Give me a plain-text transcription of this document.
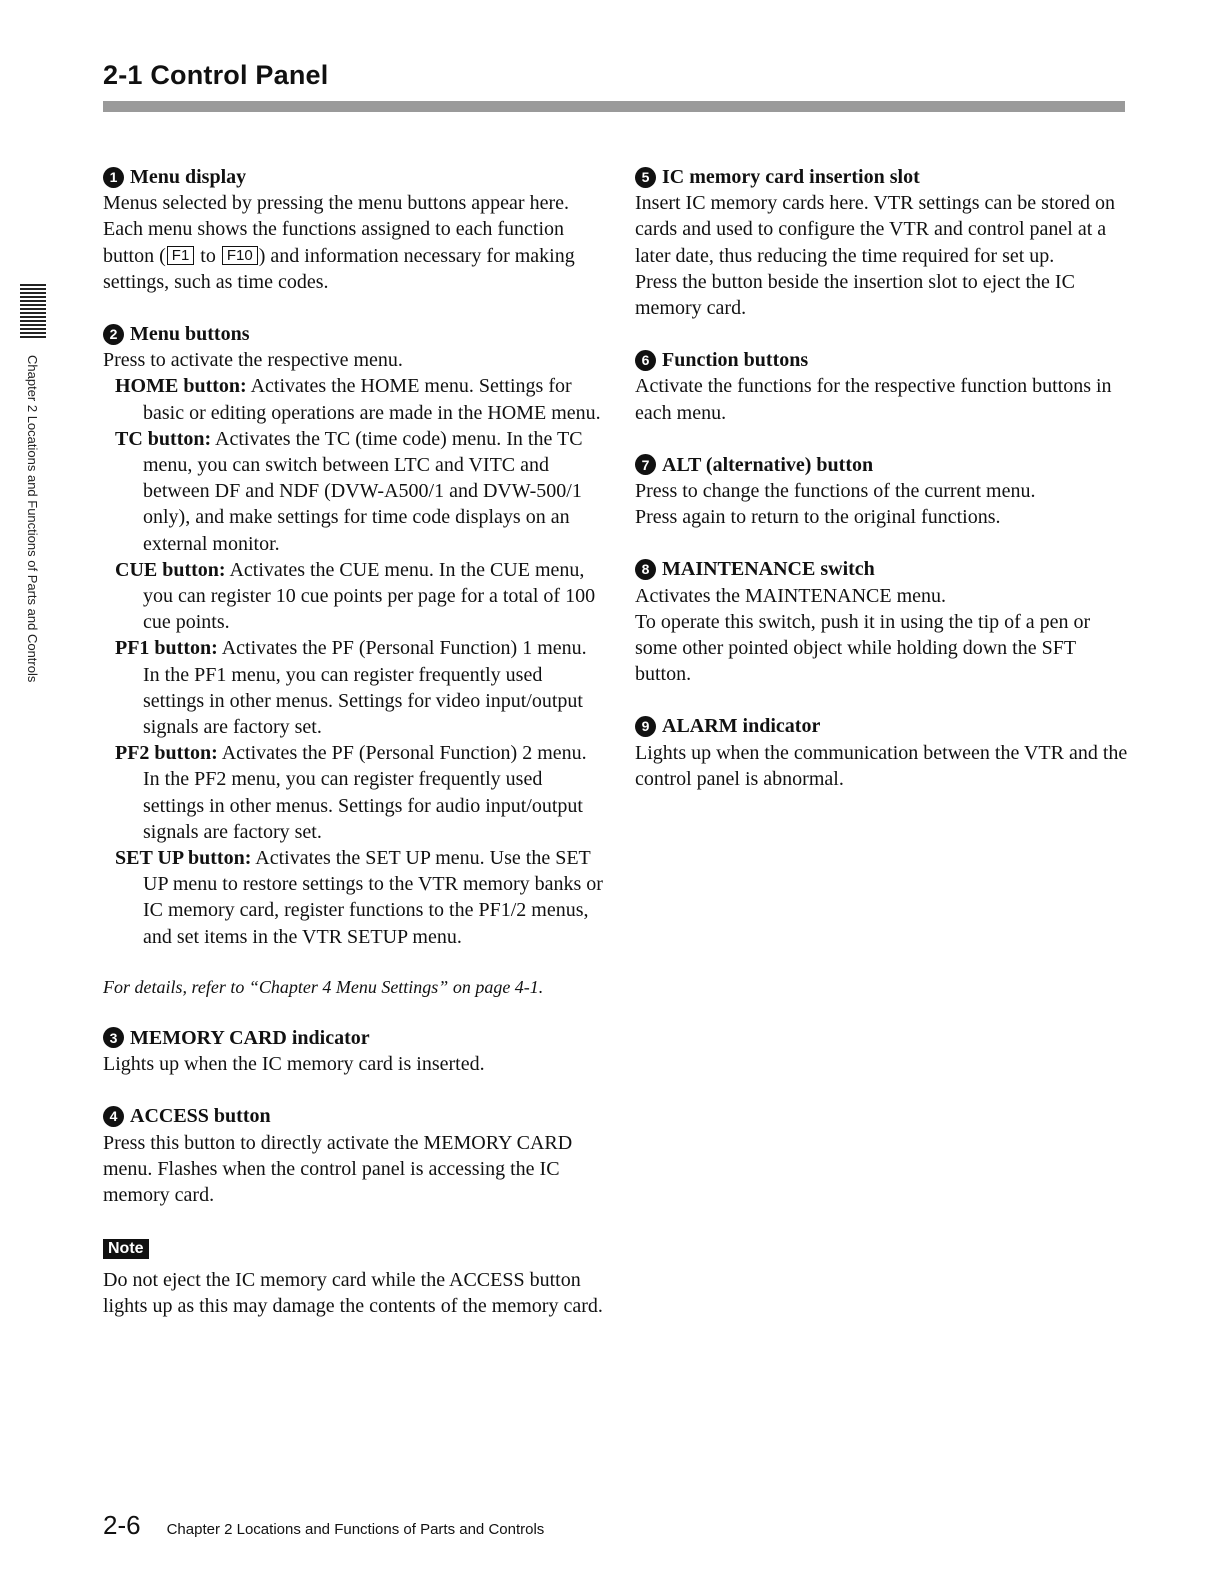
2-1 Control Panel
Chapter 2 Locations and Functions of Parts and Controls
1 Menu display

Menus selected by pressing the menu buttons appear here.

Each menu shows the functions assigned to each function button ( F1 to F10 ) and information necessary for making settings, such as time codes.

2 Menu buttons

Press to activate the respective menu.

HOME button: Activates the HOME menu. Settings for basic or editing operations are made in the HOME menu.

TC button: Activates the TC (time code) menu. In the TC menu, you can switch between LTC and VITC and between DF and NDF (DVW-A500/1 and DVW-500/1 only), and make settings for time code displays on an external monitor.

CUE button: Activates the CUE menu. In the CUE menu, you can register 10 cue points per page for a total of 100 cue points.

PF1 button: Activates the PF (Personal Function) 1 menu. In the PF1 menu, you can register frequently used settings in other menus. Settings for video input/output signals are factory set.

PF2 button: Activates the PF (Personal Function) 2 menu. In the PF2 menu, you can register frequently used settings in other menus. Settings for audio input/output signals are factory set.

SET UP button: Activates the SET UP menu. Use the SET UP menu to restore settings to the VTR memory banks or IC memory card, register functions to the PF1/2 menus, and set items in the VTR SETUP menu.

For details, refer to “Chapter 4 Menu Settings” on page 4-1.

3 MEMORY CARD indicator

Lights up when the IC memory card is inserted.

4 ACCESS button

Press this button to directly activate the MEMORY CARD menu. Flashes when the control panel is accessing the IC memory card.

Note

Do not eject the IC memory card while the ACCESS button lights up as this may damage the contents of the memory card.

5 IC memory card insertion slot

Insert IC memory cards here. VTR settings can be stored on cards and used to configure the VTR and control panel at a later date, thus reducing the time required for set up.

Press the button beside the insertion slot to eject the IC memory card.

6 Function buttons

Activate the functions for the respective function buttons in each menu.

7 ALT (alternative) button

Press to change the functions of the current menu.

Press again to return to the original functions.

8 MAINTENANCE switch

Activates the MAINTENANCE menu.

To operate this switch, push it in using the tip of a pen or some other pointed object while holding down the SFT button.

9 ALARM indicator

Lights up when the communication between the VTR and the control panel is abnormal.

2-6 Chapter 2 Locations and Functions of Parts and Controls
